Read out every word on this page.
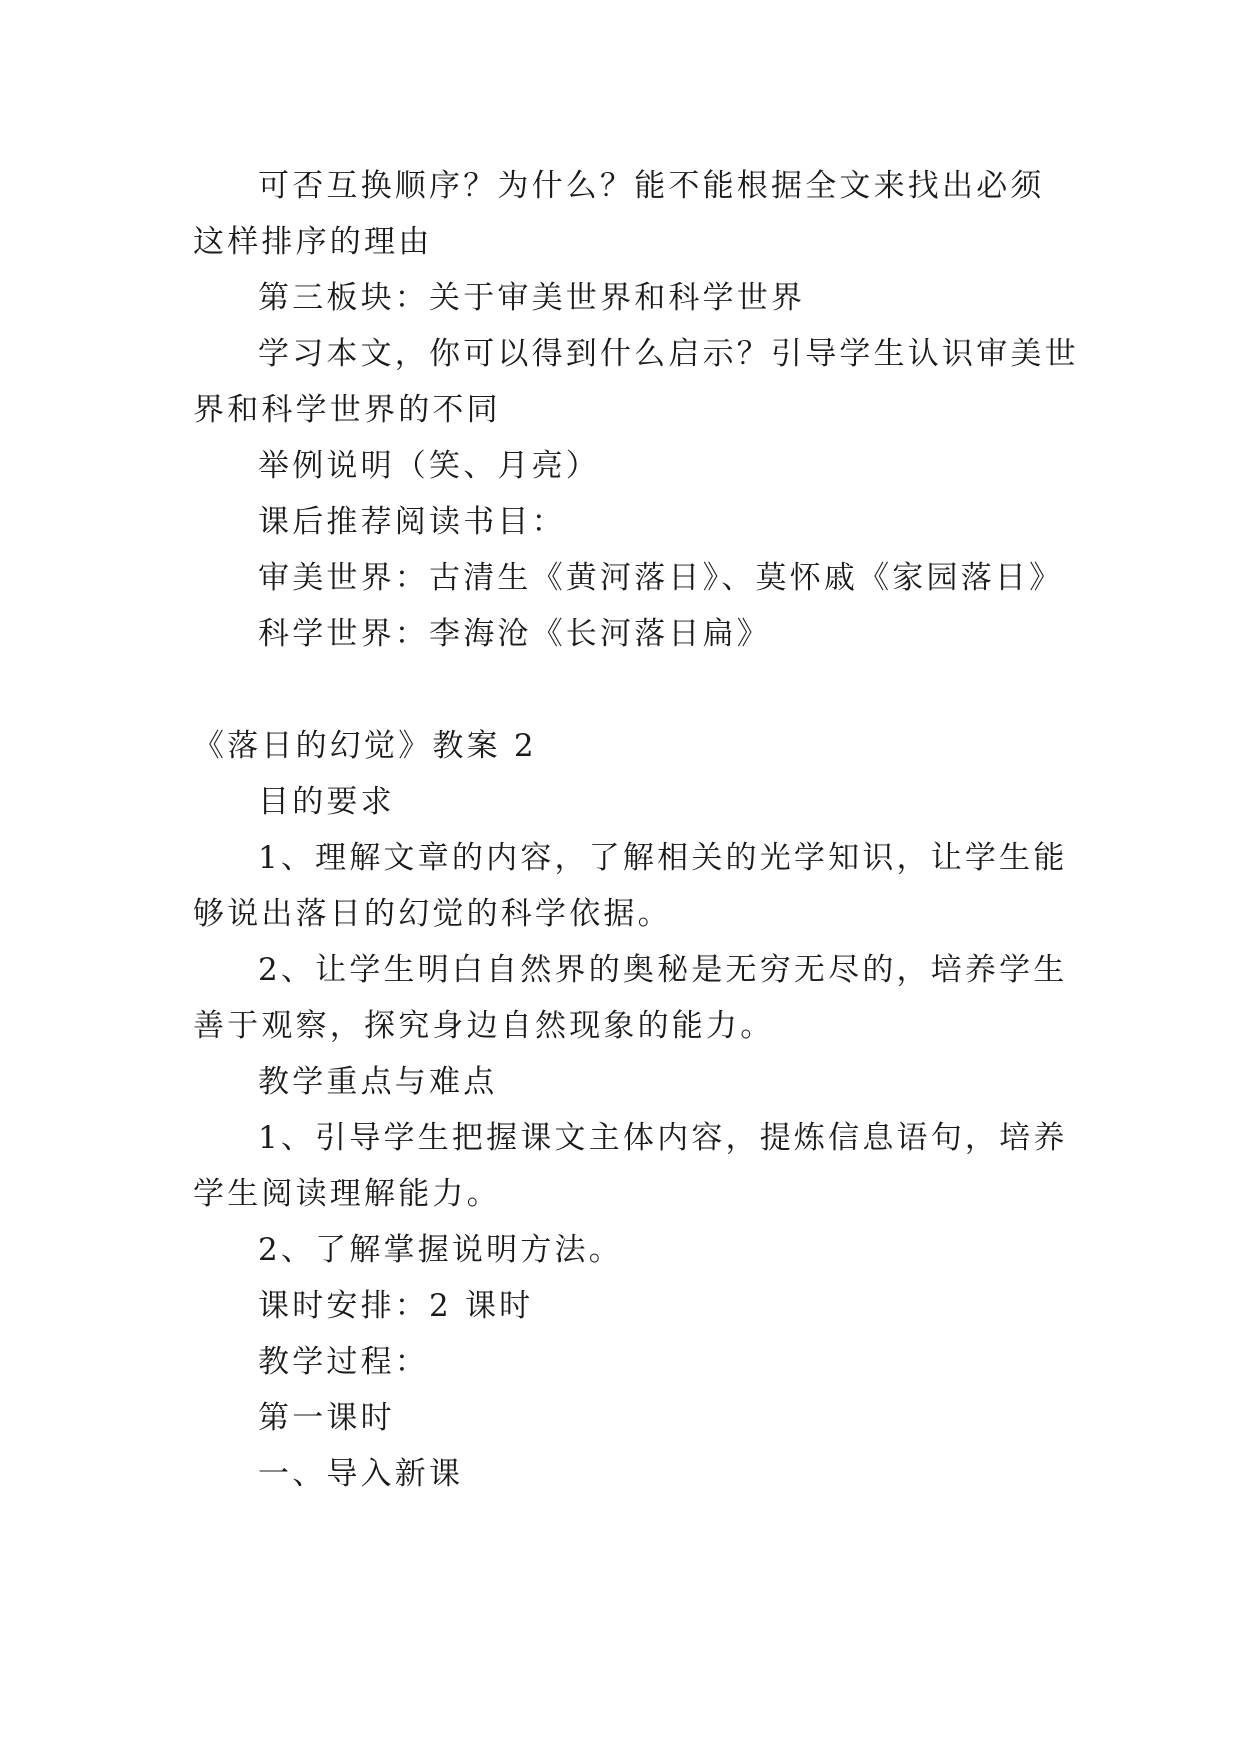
可否互换顺序？为什么？能不能根据全文来找出必须
这样排序的理由
第三板块：关于审美世界和科学世界
学习本文，你可以得到什么启示？引导学生认识审美世
界和科学世界的不同
举例说明（笑、月亮）
课后推荐阅读书目：
审美世界：古清生《黄河落日》、莫怀戚《家园落日》
科学世界：李海沧《长河落日扁》
《落日的幻觉》教案 2
目的要求
1、理解文章的内容，了解相关的光学知识，让学生能
够说出落日的幻觉的科学依据。
2、让学生明白自然界的奥秘是无穷无尽的，培养学生
善于观察，探究身边自然现象的能力。
教学重点与难点
1、引导学生把握课文主体内容，提炼信息语句，培养
学生阅读理解能力。
2、了解掌握说明方法。
课时安排：2 课时
教学过程：
第一课时
一、导入新课
